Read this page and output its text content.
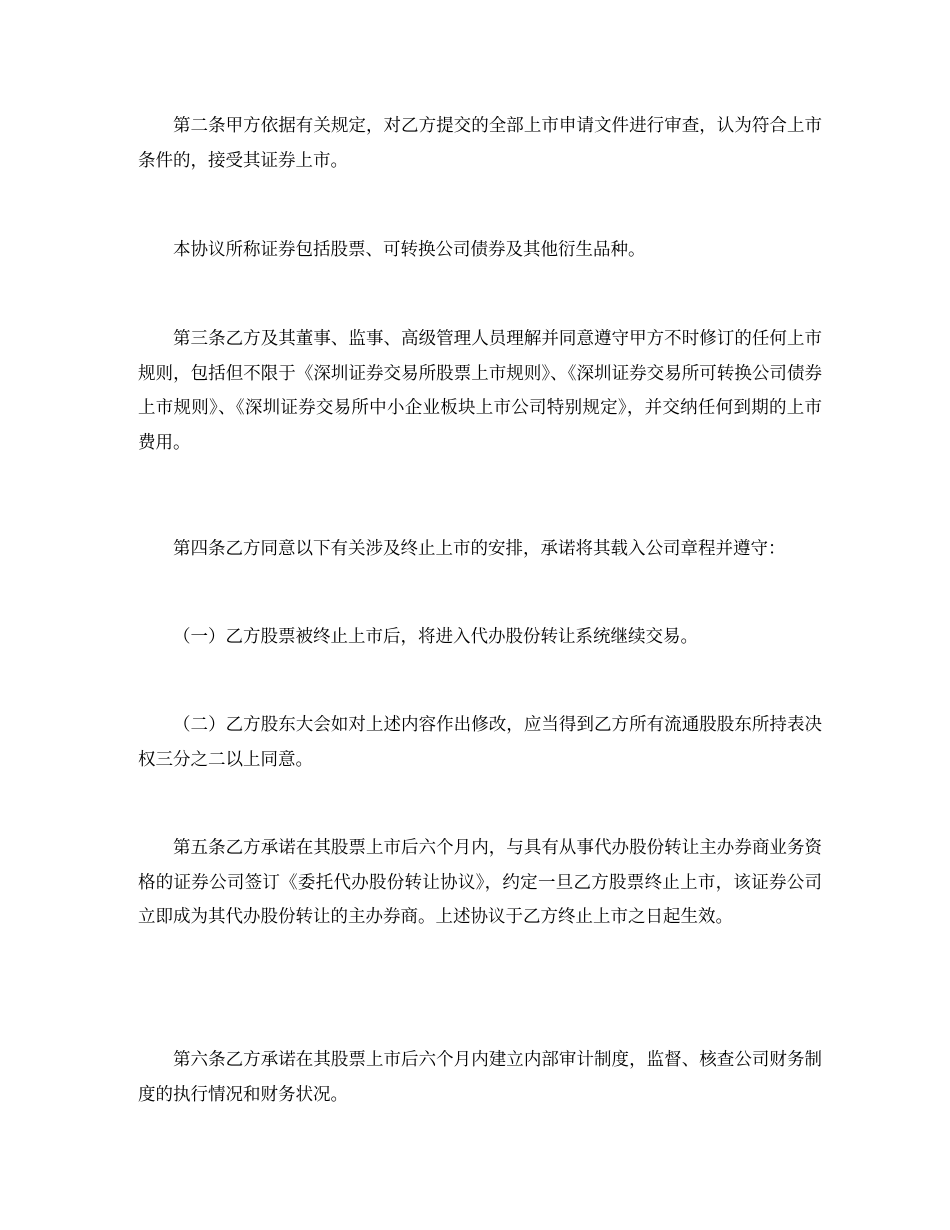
第二条甲方依据有关规定，对乙方提交的全部上市申请文件进行审查，认为符合上市条件的，接受其证券上市。

本协议所称证券包括股票、可转换公司债券及其他衍生品种。

第三条乙方及其董事、监事、高级管理人员理解并同意遵守甲方不时修订的任何上市规则，包括但不限于《深圳证券交易所股票上市规则》、《深圳证券交易所可转换公司债券上市规则》、《深圳证券交易所中小企业板块上市公司特别规定》，并交纳任何到期的上市费用。

第四条乙方同意以下有关涉及终止上市的安排，承诺将其载入公司章程并遵守：

（一）乙方股票被终止上市后，将进入代办股份转让系统继续交易。

（二）乙方股东大会如对上述内容作出修改，应当得到乙方所有流通股股东所持表决权三分之二以上同意。

第五条乙方承诺在其股票上市后六个月内，与具有从事代办股份转让主办券商业务资格的证券公司签订《委托代办股份转让协议》，约定一旦乙方股票终止上市，该证券公司立即成为其代办股份转让的主办券商。上述协议于乙方终止上市之日起生效。

第六条乙方承诺在其股票上市后六个月内建立内部审计制度，监督、核查公司财务制度的执行情况和财务状况。
